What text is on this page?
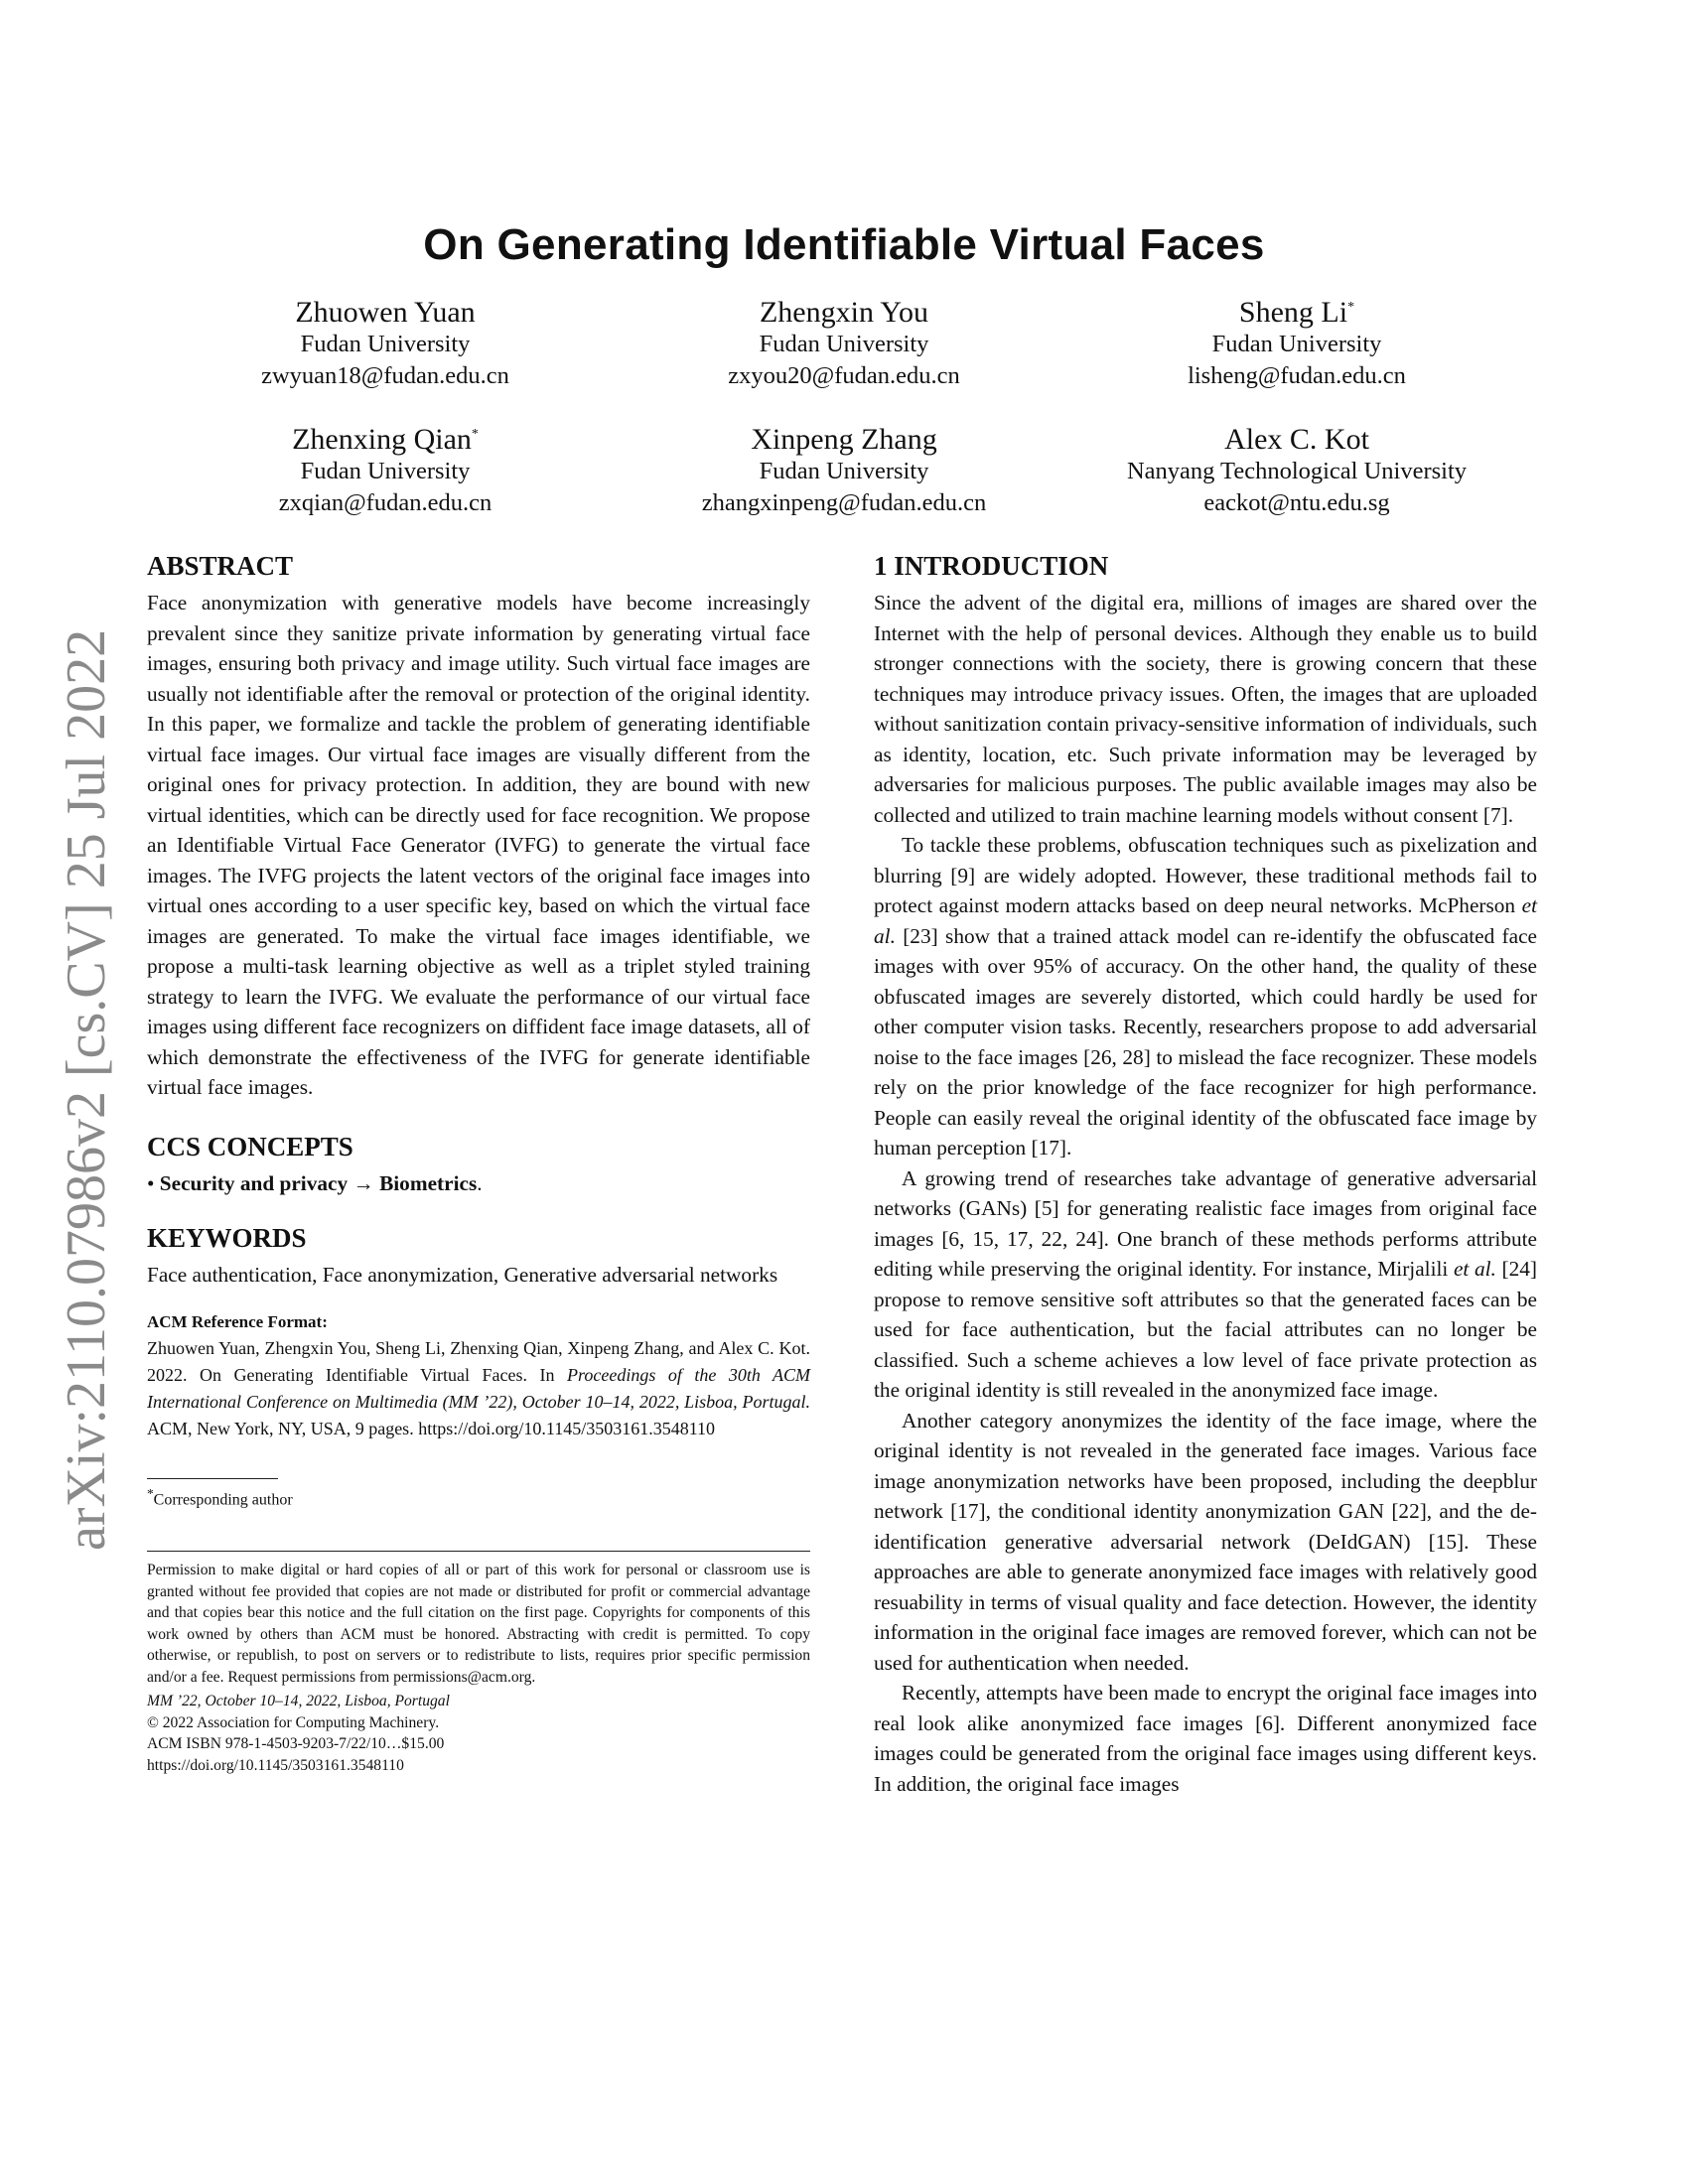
arXiv:2110.07986v2 [cs.CV] 25 Jul 2022
On Generating Identifiable Virtual Faces
Zhuowen Yuan
Fudan University
zwyuan18@fudan.edu.cn
Zhengxin You
Fudan University
zxyou20@fudan.edu.cn
Sheng Li*
Fudan University
lisheng@fudan.edu.cn
Zhenxing Qian*
Fudan University
zxqian@fudan.edu.cn
Xinpeng Zhang
Fudan University
zhangxinpeng@fudan.edu.cn
Alex C. Kot
Nanyang Technological University
eackot@ntu.edu.sg
ABSTRACT

Face anonymization with generative models have become increasingly prevalent since they sanitize private information by generating virtual face images, ensuring both privacy and image utility. Such virtual face images are usually not identifiable after the removal or protection of the original identity. In this paper, we formalize and tackle the problem of generating identifiable virtual face images. Our virtual face images are visually different from the original ones for privacy protection. In addition, they are bound with new virtual identities, which can be directly used for face recognition. We propose an Identifiable Virtual Face Generator (IVFG) to generate the virtual face images. The IVFG projects the latent vectors of the original face images into virtual ones according to a user specific key, based on which the virtual face images are generated. To make the virtual face images identifiable, we propose a multi-task learning objective as well as a triplet styled training strategy to learn the IVFG. We evaluate the performance of our virtual face images using different face recognizers on diffident face image datasets, all of which demonstrate the effectiveness of the IVFG for generate identifiable virtual face images.

CCS CONCEPTS

• Security and privacy → Biometrics.

KEYWORDS

Face authentication, Face anonymization, Generative adversarial networks

ACM Reference Format:

Zhuowen Yuan, Zhengxin You, Sheng Li, Zhenxing Qian, Xinpeng Zhang, and Alex C. Kot. 2022. On Generating Identifiable Virtual Faces. In Proceedings of the 30th ACM International Conference on Multimedia (MM ’22), October 10–14, 2022, Lisboa, Portugal. ACM, New York, NY, USA, 9 pages. https://doi.org/10.1145/3503161.3548110

*Corresponding author

Permission to make digital or hard copies of all or part of this work for personal or classroom use is granted without fee provided that copies are not made or distributed for profit or commercial advantage and that copies bear this notice and the full citation on the first page. Copyrights for components of this work owned by others than ACM must be honored. Abstracting with credit is permitted. To copy otherwise, or republish, to post on servers or to redistribute to lists, requires prior specific permission and/or a fee. Request permissions from permissions@acm.org.

MM ’22, October 10–14, 2022, Lisboa, Portugal

© 2022 Association for Computing Machinery.

ACM ISBN 978-1-4503-9203-7/22/10…$15.00

https://doi.org/10.1145/3503161.3548110

1 INTRODUCTION

Since the advent of the digital era, millions of images are shared over the Internet with the help of personal devices. Although they enable us to build stronger connections with the society, there is growing concern that these techniques may introduce privacy issues. Often, the images that are uploaded without sanitization contain privacy-sensitive information of individuals, such as identity, location, etc. Such private information may be leveraged by adversaries for malicious purposes. The public available images may also be collected and utilized to train machine learning models without consent [7].

To tackle these problems, obfuscation techniques such as pixelization and blurring [9] are widely adopted. However, these traditional methods fail to protect against modern attacks based on deep neural networks. McPherson et al. [23] show that a trained attack model can re-identify the obfuscated face images with over 95% of accuracy. On the other hand, the quality of these obfuscated images are severely distorted, which could hardly be used for other computer vision tasks. Recently, researchers propose to add adversarial noise to the face images [26, 28] to mislead the face recognizer. These models rely on the prior knowledge of the face recognizer for high performance. People can easily reveal the original identity of the obfuscated face image by human perception [17].

A growing trend of researches take advantage of generative adversarial networks (GANs) [5] for generating realistic face images from original face images [6, 15, 17, 22, 24]. One branch of these methods performs attribute editing while preserving the original identity. For instance, Mirjalili et al. [24] propose to remove sensitive soft attributes so that the generated faces can be used for face authentication, but the facial attributes can no longer be classified. Such a scheme achieves a low level of face private protection as the original identity is still revealed in the anonymized face image.

Another category anonymizes the identity of the face image, where the original identity is not revealed in the generated face images. Various face image anonymization networks have been proposed, including the deepblur network [17], the conditional identity anonymization GAN [22], and the de-identification generative adversarial network (DeIdGAN) [15]. These approaches are able to generate anonymized face images with relatively good resuability in terms of visual quality and face detection. However, the identity information in the original face images are removed forever, which can not be used for authentication when needed.

Recently, attempts have been made to encrypt the original face images into real look alike anonymized face images [6]. Different anonymized face images could be generated from the original face images using different keys. In addition, the original face images
